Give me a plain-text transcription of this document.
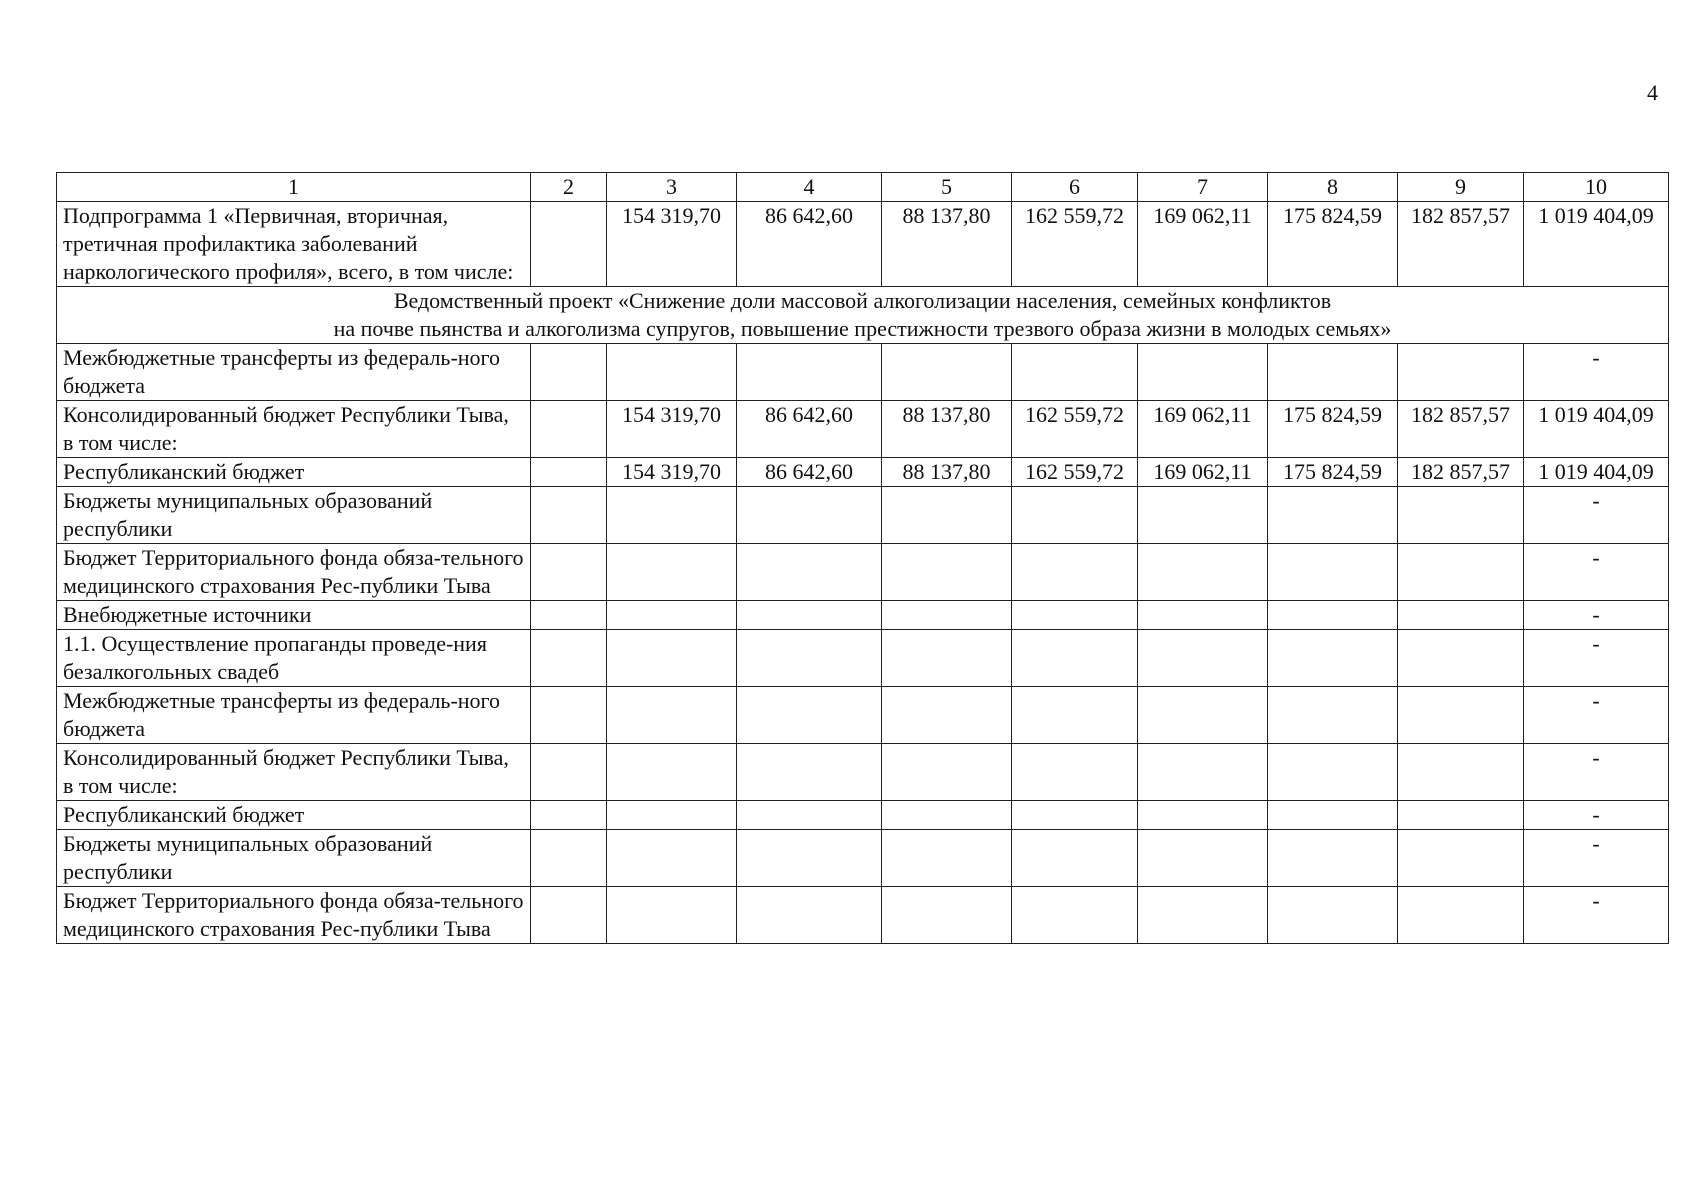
4
1	2	3	4	5	6	7	8	9	10
Подпрограмма 1 «Первичная, вторичная, третичная профилактика заболеваний наркологического профиля», всего, в том числе:		154 319,70	86 642,60	88 137,80	162 559,72	169 062,11	175 824,59	182 857,57	1 019 404,09

Ведомственный проект «Снижение доли массовой алкоголизации населения, семейных конфликтов
на почве пьянства и алкоголизма супругов, повышение престижности трезвого образа жизни в молодых семьях»									

Межбюджетные трансферты из федераль-ного бюджета									-
Консолидированный бюджет Республики Тыва, в том числе:		154 319,70	86 642,60	88 137,80	162 559,72	169 062,11	175 824,59	182 857,57	1 019 404,09
Республиканский бюджет		154 319,70	86 642,60	88 137,80	162 559,72	169 062,11	175 824,59	182 857,57	1 019 404,09
Бюджеты муниципальных образований республики									-
Бюджет Территориального фонда обяза-тельного медицинского страхования Рес-публики Тыва									-
Внебюджетные источники									-
1.1. Осуществление пропаганды проведе-ния безалкогольных свадеб									-
Межбюджетные трансферты из федераль-ного бюджета									-
Консолидированный бюджет Республики Тыва, в том числе:									-
Республиканский бюджет									-
Бюджеты муниципальных образований республики									-
Бюджет Территориального фонда обяза-тельного медицинского страхования Рес-публики Тыва									-
